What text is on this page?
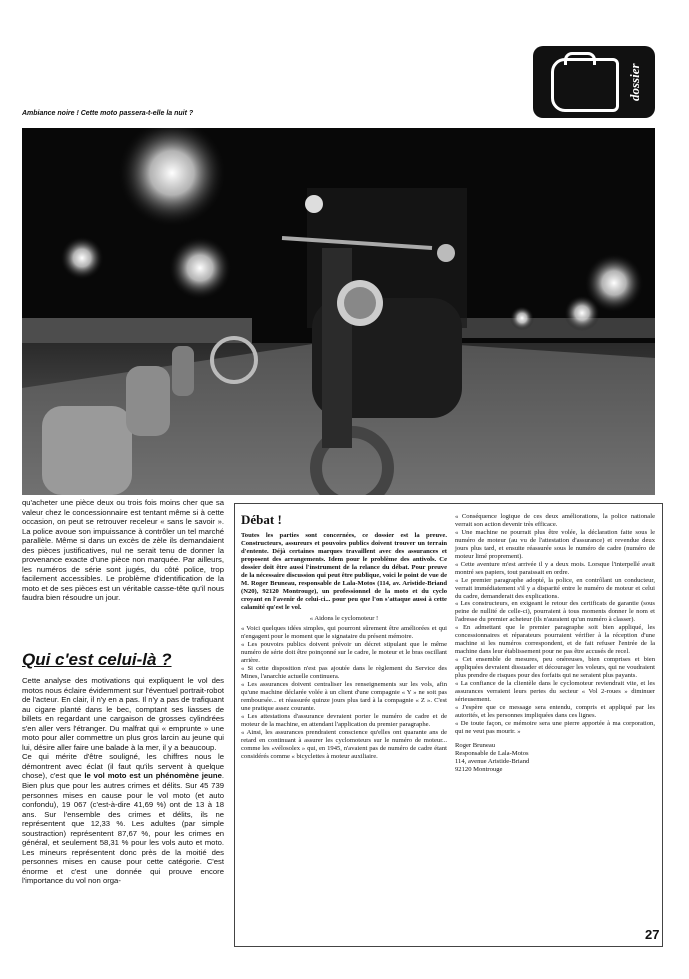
Ambiance noire ! Cette moto passera-t-elle la nuit ?
dossier

qu'acheter une pièce deux ou trois fois moins cher que sa valeur chez le concessionnaire est tentant même si à cette occasion, on peut se retrouver receleur « sans le savoir ». La police avoue son impuissance à contrôler un tel marché parallèle. Même si dans un excès de zèle ils demandaient des pièces justificatives, nul ne serait tenu de donner la provenance exacte d'une pièce non marquée. Par ailleurs, les numéros de série sont jugés, du côté police, trop facilement accessibles. Le problème d'identification de la moto et de ses pièces est un véritable casse-tête qu'il nous faudra bien résoudre un jour.

Qui c'est celui-là ?

Cette analyse des motivations qui expliquent le vol des motos nous éclaire évidemment sur l'éventuel portrait-robot de l'acteur. En clair, il n'y en a pas. Il n'y a pas de trafiquant au cigare planté dans le bec, comptant ses liasses de billets en regardant une cargaison de grosses cylindrées s'en aller vers l'étranger. Du malfrat qui « emprunte » une moto pour aller commettre un plus gros larcin au jeune qui lui, désire aller faire une balade à la mer, il y a beaucoup.

Ce qui mérite d'être souligné, les chiffres nous le démontrent avec éclat (il faut qu'ils servent à quelque chose), c'est que le vol moto est un phénomène jeune. Bien plus que pour les autres crimes et délits. Sur 45 739 personnes mises en cause pour le vol moto (et auto confondu), 19 067 (c'est-à-dire 41,69 %) ont de 13 à 18 ans. Sur l'ensemble des crimes et délits, ils ne représentent que 12,33 %. Les adultes (par simple soustraction) représentent 87,67 %, pour les crimes en général, et seulement 58,31 % pour les vols auto et moto. Les mineurs représentent donc près de la moitié des personnes mises en cause pour cette catégorie. C'est énorme et c'est une donnée qui prouve encore l'importance du vol non orga-

Débat !

Toutes les parties sont concernées, ce dossier est la preuve. Constructeurs, assureurs et pouvoirs publics doivent trouver un terrain d'entente. Déjà certaines marques travaillent avec des assurances et proposent des arrangements. Idem pour le problème des antivols. Ce dossier doit être aussi l'instrument de la relance du débat. Pour preuve de la nécessaire discussion qui peut être publique, voici le point de vue de M. Roger Bruneau, responsable de Lala-Motos (114, av. Aristide-Briand (N20), 92120 Montrouge), un professionnel de la moto et du cyclo croyant en l'avenir de celui-ci... pour peu que l'on s'attaque aussi à cette calamité qu'est le vol.

« Aidons le cyclomoteur !

« Voici quelques idées simples, qui pourront sûrement être améliorées et qui n'engagent pour le moment que le signataire du présent mémoire.

« Les pouvoirs publics doivent prévoir un décret stipulant que le même numéro de série doit être poinçonné sur le cadre, le moteur et le bras oscillant arrière.

« Si cette disposition n'est pas ajoutée dans le règlement du Service des Mines, l'anarchie actuelle continuera.

« Les assurances doivent centraliser les renseignements sur les vols, afin qu'une machine déclarée volée à un client d'une compagnie « Y » ne soit pas remboursée... et réassurée quinze jours plus tard à la compagnie « Z ». C'est une pratique assez courante.

« Les attestations d'assurance devraient porter le numéro de cadre et de moteur de la machine, en attendant l'application du premier paragraphe.

« Ainsi, les assurances prendraient conscience qu'elles ont quarante ans de retard en continuant à assurer les cyclomoteurs sur le numéro de moteur... comme les «vélosolex » qui, en 1945, n'avaient pas de numéro de cadre étant considérés comme « bicyclettes à moteur auxiliaire.

« Conséquence logique de ces deux améliorations, la police nationale verrait son action devenir très efficace.

« Une machine ne pourrait plus être volée, la déclaration faite sous le numéro de moteur (au vu de l'attestation d'assurance) et revendue deux jours plus tard, et ensuite réassurée sous le numéro de cadre (numéro de moteur limé proprement).

« Cette aventure m'est arrivée il y a deux mois. Lorsque l'interpellé avait montré ses papiers, tout paraissait en ordre.

« Le premier paragraphe adopté, la police, en contrôlant un conducteur, verrait immédiatement s'il y a disparité entre le numéro de moteur et celui du cadre, demanderait des explications.

« Les constructeurs, en exigeant le retour des certificats de garantie (sous peine de nullité de celle-ci), pourraient à tous moments donner le nom et l'adresse du premier acheteur (ils n'auraient qu'un numéro à classer).

« En admettant que le premier paragraphe soit bien appliqué, les concessionnaires et réparateurs pourraient vérifier à la réception d'une machine si les numéros correspondent, et de fait refuser l'entrée de la machine dans leur établissement pour ne pas être accusés de recel.

« Cet ensemble de mesures, peu onéreuses, bien comprises et bien appliquées devraient dissuader et décourager les voleurs, qui ne voudraient plus prendre de risques pour des forfaits qui ne seraient plus payants.

« La confiance de la clientèle dans le cyclomoteur reviendrait vite, et les assurances verraient leurs pertes du secteur « Vol 2-roues » diminuer sérieusement.

« J'espère que ce message sera entendu, compris et appliqué par les autorités, et les personnes impliquées dans ces lignes.

« De toute façon, ce mémoire sera une pierre apportée à ma corporation, qui ne veut pas mourir. »

Roger Bruneau

Responsable de Lala-Motos

114, avenue Aristide-Briand

92120 Montrouge

27
